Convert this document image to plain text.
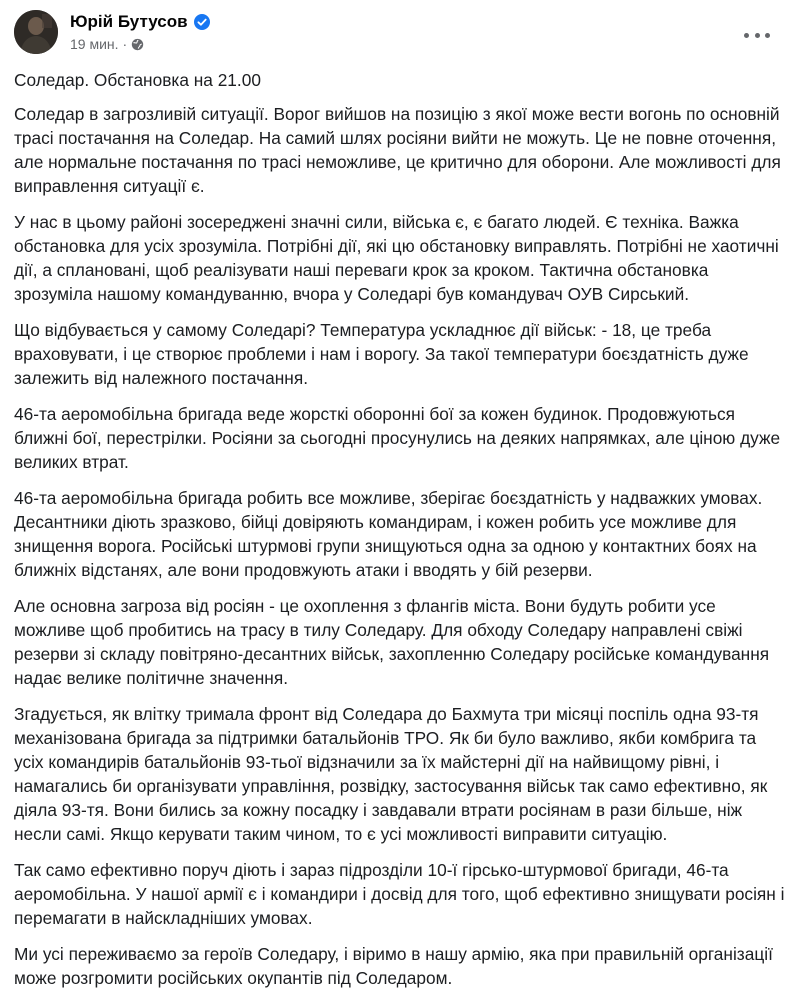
Юрій Бутусов
19 мин. ·

Соледар. Обстановка на 21.00

Соледар в загрозливій ситуації. Ворог вийшов на позицію з якої може вести вогонь по основній трасі постачання на Соледар. На самий шлях росіяни вийти не можуть. Це не повне оточення, але нормальне постачання по трасі неможливе, це критично для оборони. Але можливості для виправлення ситуації є.

У нас в цьому районі зосереджені значні сили, війська є, є багато людей. Є техніка. Важка обстановка для усіх зрозуміла. Потрібні дії, які цю обстановку виправлять. Потрібні не хаотичні дії, а сплановані, щоб реалізувати наші переваги крок за кроком. Тактична обстановка зрозуміла нашому командуванню, вчора у Соледарі був командувач ОУВ Сирський.

Що відбувається у самому Соледарі? Температура ускладнює дії військ: - 18, це треба враховувати, і це створює проблеми і нам і ворогу. За такої температури боєздатність дуже залежить від належного постачання.

46-та аеромобільна бригада веде жорсткі оборонні бої за кожен будинок. Продовжуються ближні бої, перестрілки. Росіяни за сьогодні просунулись на деяких напрямках, але ціною дуже великих втрат.

46-та аеромобільна бригада робить все можливе, зберігає боєздатність у надважких умовах. Десантники діють зразково, бійці довіряють командирам, і кожен робить усе можливе для знищення ворога. Російські штурмові групи знищуються одна за одною у контактних боях на ближніх відстанях, але вони продовжують атаки і вводять у бій резерви.

Але основна загроза від росіян - це охоплення з флангів міста. Вони будуть робити усе можливе щоб пробитись на трасу в тилу Соледару. Для обходу Соледару направлені свіжі резерви зі складу повітряно-десантних військ, захопленню Соледару російське командування надає велике політичне значення.

Згадується, як влітку тримала фронт від Соледара до Бахмута три місяці поспіль одна 93-тя механізована бригада за підтримки батальйонів ТРО. Як би було важливо, якби комбрига та усіх командирів батальйонів 93-тьої відзначили за їх майстерні дії на найвищому рівні, і намагались би організувати управління, розвідку, застосування військ так само ефективно, як діяла 93-тя. Вони бились за кожну посадку і завдавали втрати росіянам в рази більше, ніж несли самі. Якщо керувати таким чином, то є усі можливості виправити ситуацію.

Так само ефективно поруч діють і зараз підрозділи 10-ї гірсько-штурмової бригади, 46-та аеромобільна. У нашої армії є і командири і досвід для того, щоб ефективно знищувати росіян і перемагати в найскладніших умовах.

Ми усі переживаємо за героїв Соледару, і віримо в нашу армію, яка при правильній організації може розгромити російських окупантів під Соледаром.
